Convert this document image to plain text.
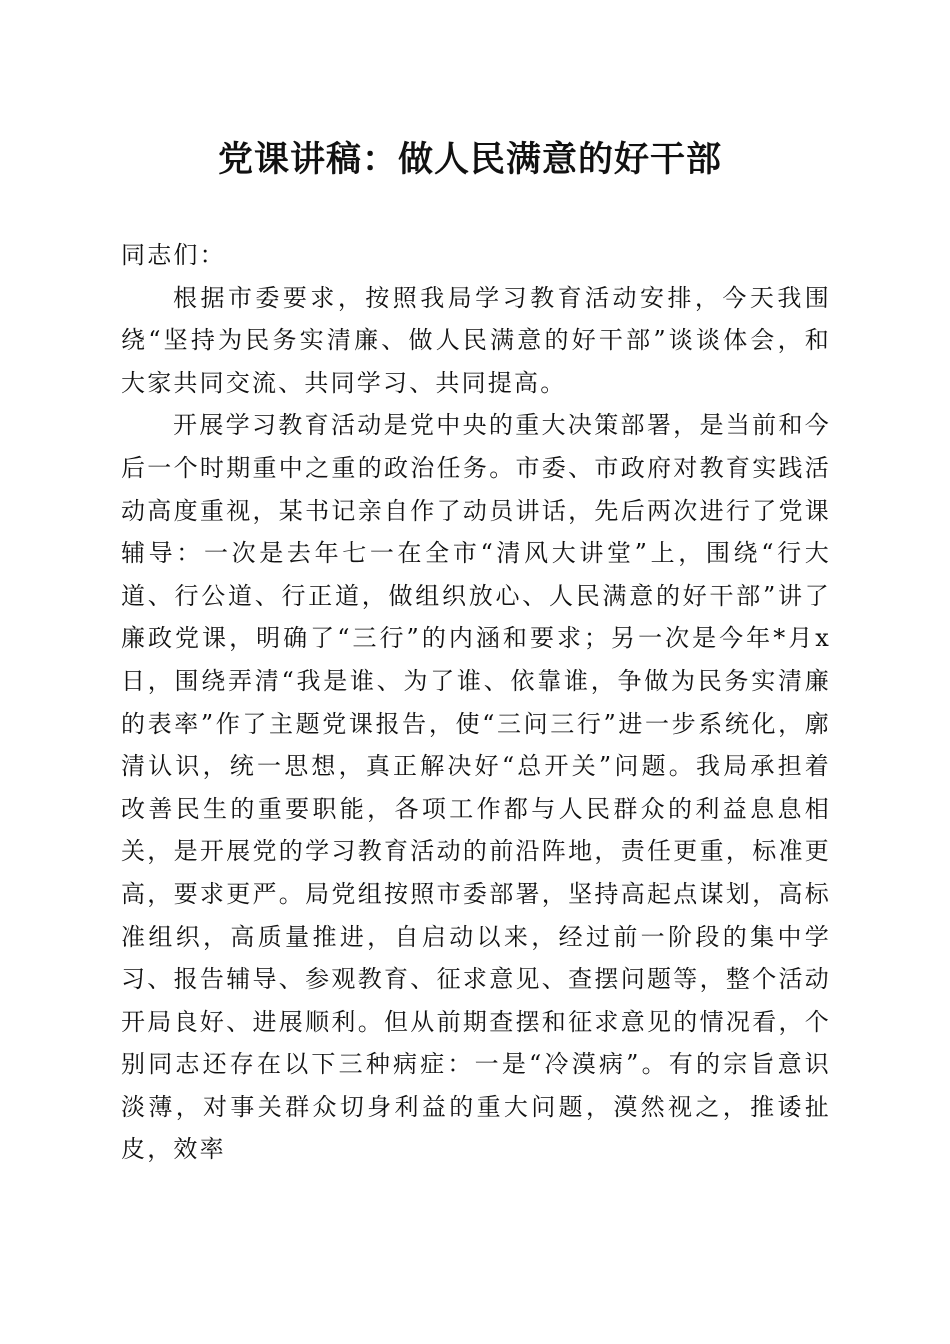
党课讲稿：做人民满意的好干部

同志们：

根据市委要求，按照我局学习教育活动安排，今天我围绕“坚持为民务实清廉、做人民满意的好干部”谈谈体会，和大家共同交流、共同学习、共同提高。

开展学习教育活动是党中央的重大决策部署，是当前和今后一个时期重中之重的政治任务。市委、市政府对教育实践活动高度重视，某书记亲自作了动员讲话，先后两次进行了党课辅导：一次是去年七一在全市“清风大讲堂”上，围绕“行大道、行公道、行正道，做组织放心、人民满意的好干部”讲了廉政党课，明确了“三行”的内涵和要求；另一次是今年*月x日，围绕弄清“我是谁、为了谁、依靠谁，争做为民务实清廉的表率”作了主题党课报告，使“三问三行”进一步系统化，廓清认识，统一思想，真正解决好“总开关”问题。我局承担着改善民生的重要职能，各项工作都与人民群众的利益息息相关，是开展党的学习教育活动的前沿阵地，责任更重，标准更高，要求更严。局党组按照市委部署，坚持高起点谋划，高标准组织，高质量推进，自启动以来，经过前一阶段的集中学习、报告辅导、参观教育、征求意见、查摆问题等，整个活动开局良好、进展顺利。但从前期查摆和征求意见的情况看，个别同志还存在以下三种病症：一是“冷漠病”。有的宗旨意识淡薄，对事关群众切身利益的重大问题，漠然视之，推诿扯皮，效率
